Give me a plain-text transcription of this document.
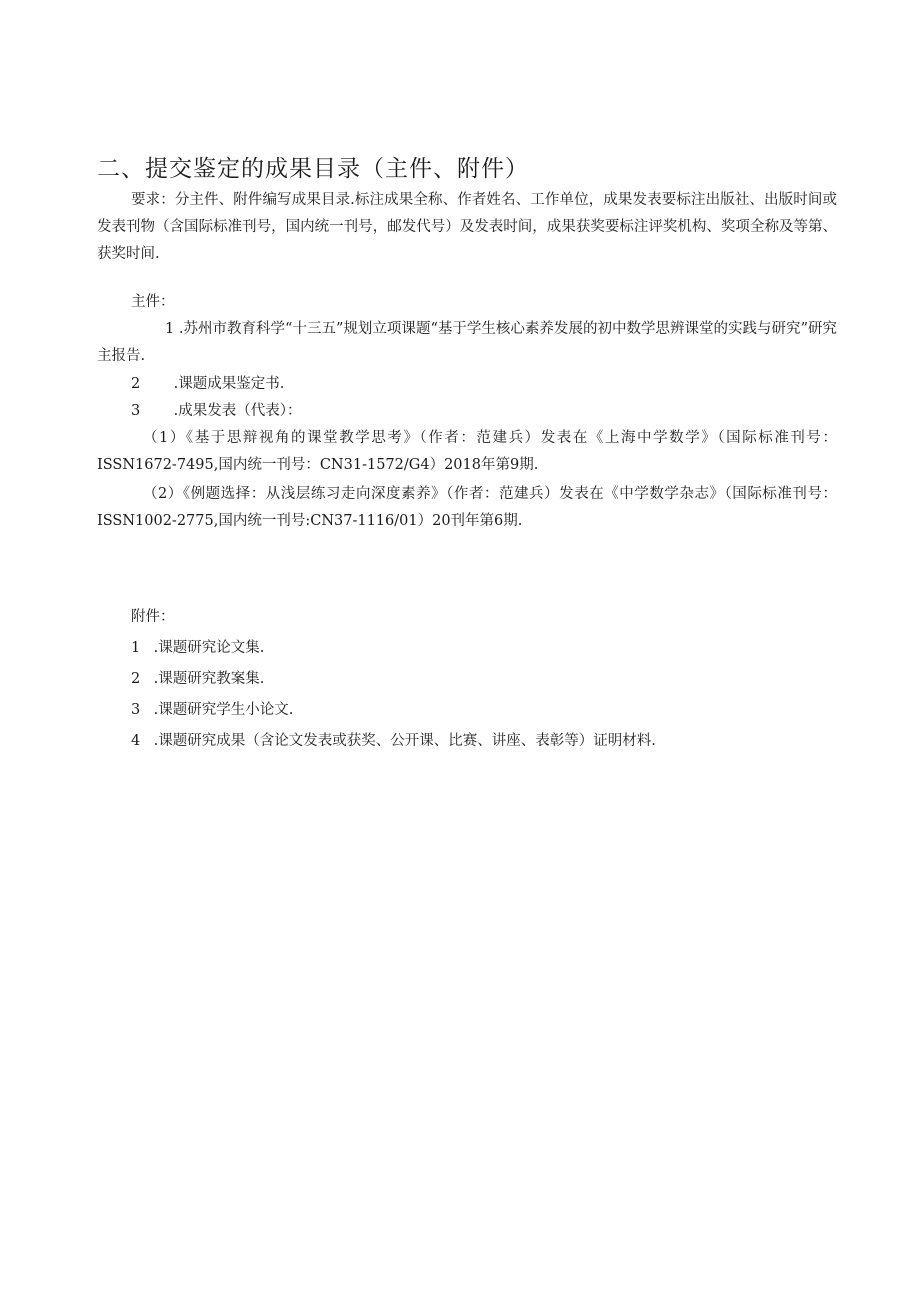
二、提交鉴定的成果目录（主件、附件）
要求：分主件、附件编写成果目录.标注成果全称、作者姓名、工作单位，成果发表要标注出版社、出版时间或发表刊物（含国际标准刊号，国内统一刊号，邮发代号）及发表时间，成果获奖要标注评奖机构、奖项全称及等第、获奖时间.
主件：
1 .苏州市教育科学“十三五”规划立项课题“基于学生核心素养发展的初中数学思辨课堂的实践与研究”研究主报告.
2 .课题成果鉴定书.
3 .成果发表（代表）：
（1）《基于思辩视角的课堂教学思考》（作者：范建兵）发表在《上海中学数学》（国际标准刊号：ISSN1672-7495,国内统一刊号：CN31-1572/G4）2018年第9期.
（2）《例题选择：从浅层练习走向深度素养》（作者：范建兵）发表在《中学数学杂志》（国际标准刊号：ISSN1002-2775,国内统一刊号:CN37-1116/01）20刊年第6期.
附件：
1 .课题研究论文集.
2 .课题研究教案集.
3 .课题研究学生小论文.
4 .课题研究成果（含论文发表或获奖、公开课、比赛、讲座、表彰等）证明材料.
